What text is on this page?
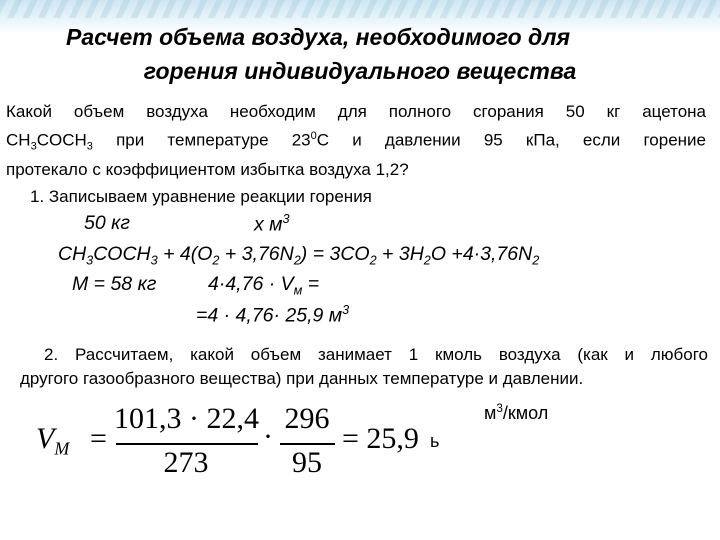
Расчет объема воздуха, необходимого для
горения индивидуального вещества
Какой объем воздуха необходим для полного сгорания 50 кг ацетона
$CH_3COCH_3$ при температуре $23^0С$ и давлении 95 кПа, если горение
протекало с коэффициентом избытка воздуха 1,2?
1. Записываем уравнение реакции горения
50 кг	х $м^3$
$CH_3COCH_3 + 4(O_2 + 3,76N_2) = 3CO_2 + 3H_2O +4\cdot 3,76N_2$
М = 58 кг	$4\cdot 4,76 \cdot V_м$ =
=4 · 4,76· 25,9 $м^3$
2. Рассчитаем, какой объем занимает 1 кмоль воздуха (как и любого
другого газообразного вещества) при данных температуре и давлении.
$V_M$ =
101,3 · 22,4
273
·
296
95
= 25,9
$м^3$/кмол
ь
